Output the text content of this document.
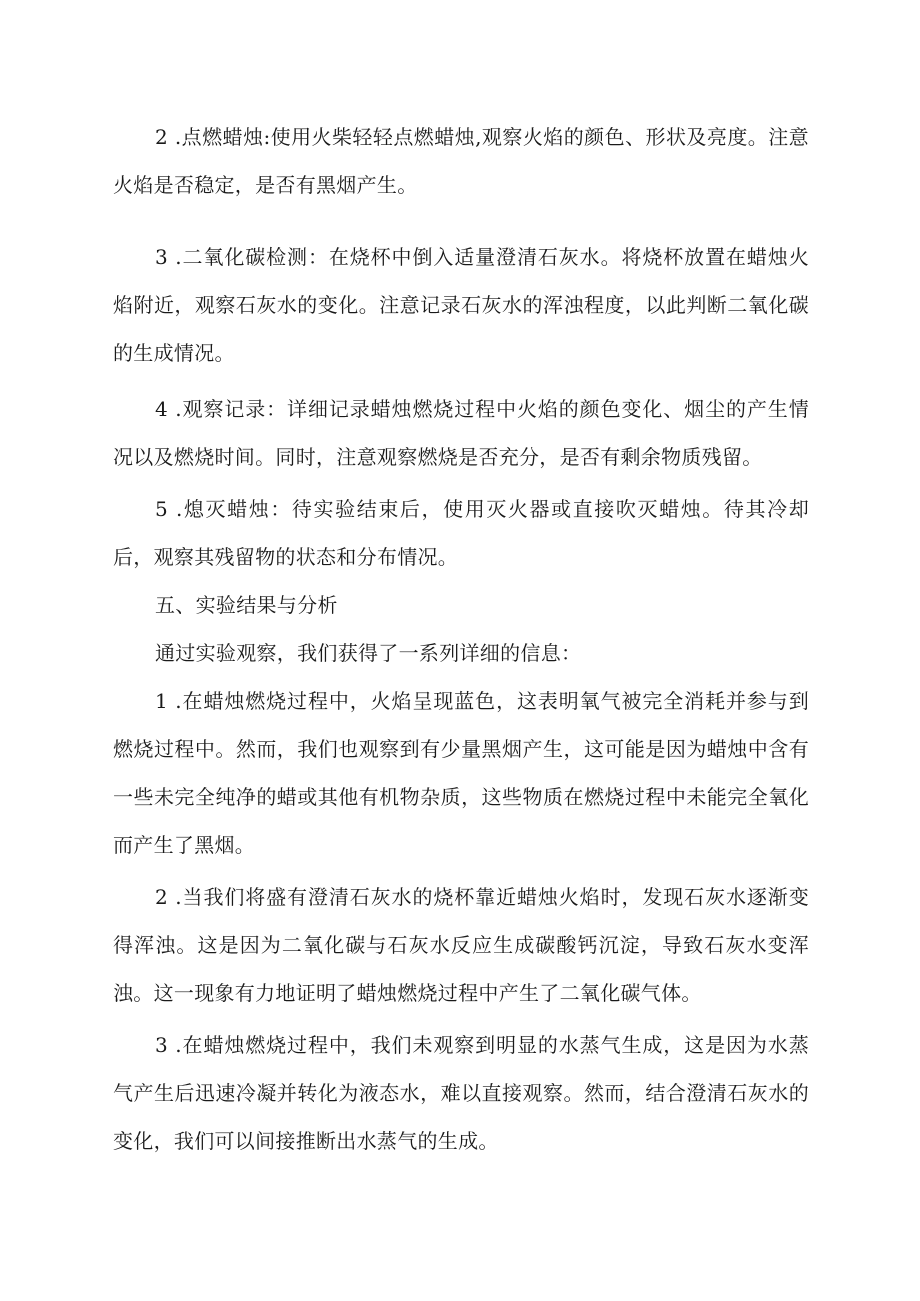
2 .点燃蜡烛:使用火柴轻轻点燃蜡烛,观察火焰的颜色、形状及亮度。注意火焰是否稳定，是否有黑烟产生。

3 .二氧化碳检测：在烧杯中倒入适量澄清石灰水。将烧杯放置在蜡烛火焰附近，观察石灰水的变化。注意记录石灰水的浑浊程度，以此判断二氧化碳的生成情况。

4 .观察记录：详细记录蜡烛燃烧过程中火焰的颜色变化、烟尘的产生情况以及燃烧时间。同时，注意观察燃烧是否充分，是否有剩余物质残留。

5 .熄灭蜡烛：待实验结束后，使用灭火器或直接吹灭蜡烛。待其冷却后，观察其残留物的状态和分布情况。

五、实验结果与分析

通过实验观察，我们获得了一系列详细的信息：

1 .在蜡烛燃烧过程中，火焰呈现蓝色，这表明氧气被完全消耗并参与到燃烧过程中。然而，我们也观察到有少量黑烟产生，这可能是因为蜡烛中含有一些未完全纯净的蜡或其他有机物杂质，这些物质在燃烧过程中未能完全氧化而产生了黑烟。

2 .当我们将盛有澄清石灰水的烧杯靠近蜡烛火焰时，发现石灰水逐渐变得浑浊。这是因为二氧化碳与石灰水反应生成碳酸钙沉淀，导致石灰水变浑浊。这一现象有力地证明了蜡烛燃烧过程中产生了二氧化碳气体。

3 .在蜡烛燃烧过程中，我们未观察到明显的水蒸气生成，这是因为水蒸气产生后迅速冷凝并转化为液态水，难以直接观察。然而，结合澄清石灰水的变化，我们可以间接推断出水蒸气的生成。
